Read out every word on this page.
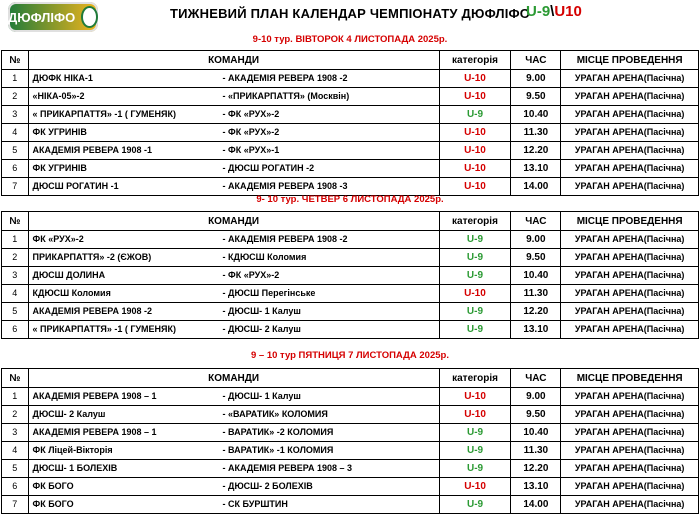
ДЮФЛІФО	ТИЖНЕВИЙ ПЛАН КАЛЕНДАР ЧЕМПІОНАТУ ДЮФЛІФО
U-9\U10
9-10 тур. ВІВТОРОК 4 ЛИСТОПАДА 2025р.
№	КОМАНДИ	категорія	ЧАС	МІСЦЕ ПРОВЕДЕННЯ
1	ДЮФК НІКА-1 - АКАДЕМІЯ РЕВЕРА 1908 -2	U-10	9.00	УРАГАН АРЕНА(Пасічна)
2	«НІКА-05»-2 - «ПРИКАРПАТТЯ» (Москвін)	U-10	9.50	УРАГАН АРЕНА(Пасічна)
3	« ПРИКАРПАТТЯ» -1 ( ГУМЕНЯК) - ФК «РУХ»-2	U-9	10.40	УРАГАН АРЕНА(Пасічна)
4	ФК УГРИНІВ - ФК «РУХ»-2	U-10	11.30	УРАГАН АРЕНА(Пасічна)
5	АКАДЕМІЯ РЕВЕРА 1908 -1 - ФК «РУХ»-1	U-10	12.20	УРАГАН АРЕНА(Пасічна)
6	ФК УГРИНІВ - ДЮСШ РОГАТИН -2	U-10	13.10	УРАГАН АРЕНА(Пасічна)
7	ДЮСШ РОГАТИН -1 - АКАДЕМІЯ РЕВЕРА 1908 -3	U-10	14.00	УРАГАН АРЕНА(Пасічна)
9- 10 тур. ЧЕТВЕР 6 ЛИСТОПАДА 2025р.
№	КОМАНДИ	категорія	ЧАС	МІСЦЕ ПРОВЕДЕННЯ
1	ФК «РУХ»-2 - АКАДЕМІЯ РЕВЕРА 1908 -2	U-9	9.00	УРАГАН АРЕНА(Пасічна)
2	ПРИКАРПАТТЯ» -2 (ЄЖОВ) - КДЮСШ Коломия	U-9	9.50	УРАГАН АРЕНА(Пасічна)
3	ДЮСШ ДОЛИНА - ФК «РУХ»-2	U-9	10.40	УРАГАН АРЕНА(Пасічна)
4	КДЮСШ Коломия - ДЮСШ Перегінське	U-10	11.30	УРАГАН АРЕНА(Пасічна)
5	АКАДЕМІЯ РЕВЕРА 1908 -2 - ДЮСШ- 1 Калуш	U-9	12.20	УРАГАН АРЕНА(Пасічна)
6	« ПРИКАРПАТТЯ» -1 ( ГУМЕНЯК) - ДЮСШ- 2 Калуш	U-9	13.10	УРАГАН АРЕНА(Пасічна)
9 – 10 тур ПЯТНИЦЯ 7 ЛИСТОПАДА 2025р.
№	КОМАНДИ	категорія	ЧАС	МІСЦЕ ПРОВЕДЕННЯ
1	АКАДЕМІЯ РЕВЕРА 1908 – 1 - ДЮСШ- 1 Калуш	U-10	9.00	УРАГАН АРЕНА(Пасічна)
2	ДЮСШ- 2 Калуш - «ВАРАТИК» КОЛОМИЯ	U-10	9.50	УРАГАН АРЕНА(Пасічна)
3	АКАДЕМІЯ РЕВЕРА 1908 – 1 - ВАРАТИК» -2 КОЛОМИЯ	U-9	10.40	УРАГАН АРЕНА(Пасічна)
4	ФК Ліцей-Вікторія - ВАРАТИК» -1 КОЛОМИЯ	U-9	11.30	УРАГАН АРЕНА(Пасічна)
5	ДЮСШ- 1 БОЛЕХІВ - АКАДЕМІЯ РЕВЕРА 1908 – 3	U-9	12.20	УРАГАН АРЕНА(Пасічна)
6	ФК БОГО - ДЮСШ- 2 БОЛЕХІВ	U-10	13.10	УРАГАН АРЕНА(Пасічна)
7	ФК БОГО - СК БУРШТИН	U-9	14.00	УРАГАН АРЕНА(Пасічна)
